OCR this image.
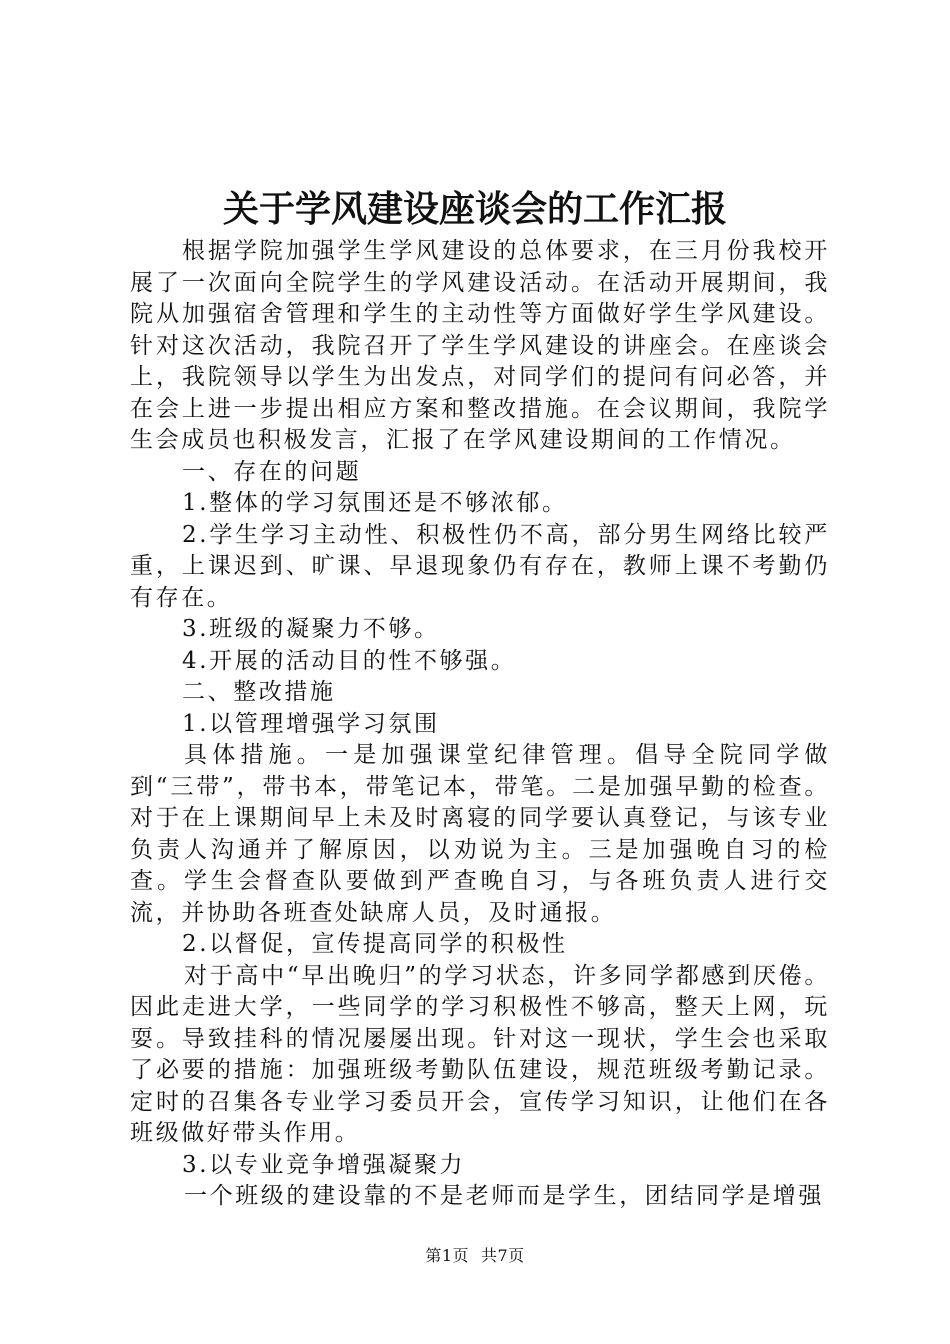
关于学风建设座谈会的工作汇报

根据学院加强学生学风建设的总体要求，在三月份我校开展了一次面向全院学生的学风建设活动。在活动开展期间，我院从加强宿舍管理和学生的主动性等方面做好学生学风建设。针对这次活动，我院召开了学生学风建设的讲座会。在座谈会上，我院领导以学生为出发点，对同学们的提问有问必答，并在会上进一步提出相应方案和整改措施。在会议期间，我院学生会成员也积极发言，汇报了在学风建设期间的工作情况。

一、存在的问题

1.整体的学习氛围还是不够浓郁。

2.学生学习主动性、积极性仍不高，部分男生网络比较严重，上课迟到、旷课、早退现象仍有存在，教师上课不考勤仍有存在。

3.班级的凝聚力不够。

4.开展的活动目的性不够强。

二、整改措施

1.以管理增强学习氛围

具体措施。一是加强课堂纪律管理。倡导全院同学做到“三带”，带书本，带笔记本，带笔。二是加强早勤的检查。对于在上课期间早上未及时离寝的同学要认真登记，与该专业负责人沟通并了解原因，以劝说为主。三是加强晚自习的检查。学生会督查队要做到严查晚自习，与各班负责人进行交流，并协助各班查处缺席人员，及时通报。

2.以督促，宣传提高同学的积极性

对于高中“早出晚归”的学习状态，许多同学都感到厌倦。因此走进大学，一些同学的学习积极性不够高，整天上网，玩耍。导致挂科的情况屡屡出现。针对这一现状，学生会也采取了必要的措施：加强班级考勤队伍建设，规范班级考勤记录。定时的召集各专业学习委员开会，宣传学习知识，让他们在各班级做好带头作用。

3.以专业竞争增强凝聚力

一个班级的建设靠的不是老师而是学生，团结同学是增强

第1页 共7页
